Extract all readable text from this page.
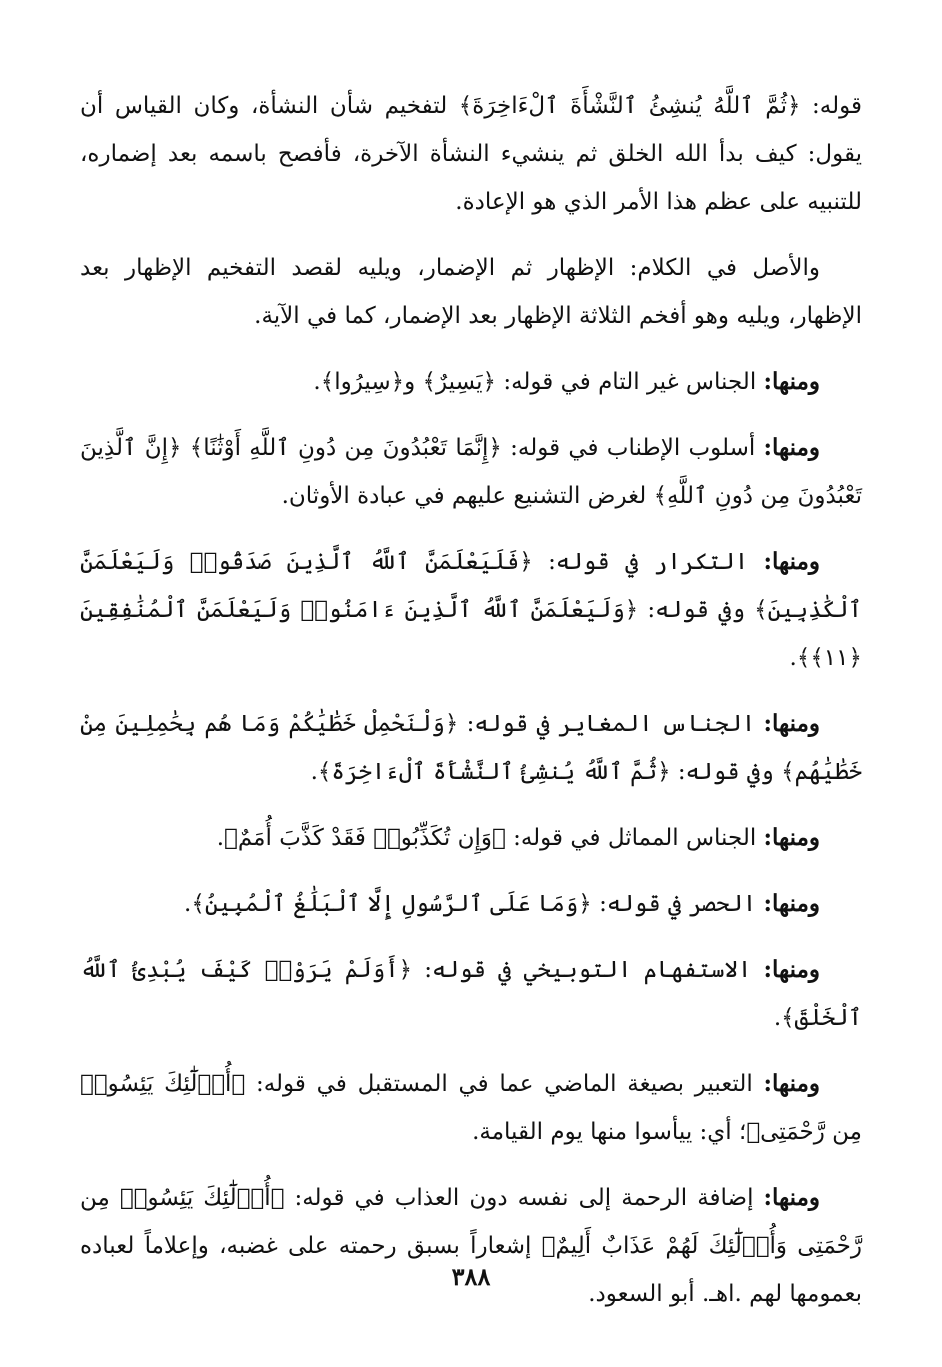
قوله: ﴿ثُمَّ ٱللَّهُ يُنشِئُ ٱلنَّشْأَةَ ٱلْءَاخِرَةَ﴾ لتفخيم شأن النشأة، وكان القياس أن يقول: كيف بدأ الله الخلق ثم ينشيء النشأة الآخرة، فأفصح باسمه بعد إضماره، للتنبيه على عظم هذا الأمر الذي هو الإعادة.

والأصل في الكلام: الإظهار ثم الإضمار، ويليه لقصد التفخيم الإظهار بعد الإظهار، ويليه وهو أفخم الثلاثة الإظهار بعد الإضمار، كما في الآية.

ومنها: الجناس غير التام في قوله: ﴿يَسِيرٌ﴾ و﴿سِيرُوا﴾.

ومنها: أسلوب الإطناب في قوله: ﴿إِنَّمَا تَعْبُدُونَ مِن دُونِ ٱللَّهِ أَوْثَٰنًا﴾ ﴿إِنَّ ٱلَّذِينَ تَعْبُدُونَ مِن دُونِ ٱللَّهِ﴾ لغرض التشنيع عليهم في عبادة الأوثان.

ومنها: التكرار في قوله: ﴿فَلَيَعْلَمَنَّ ٱللَّهُ ٱلَّذِينَ صَدَقُوا۟ وَلَيَعْلَمَنَّ ٱلْكَٰذِبِينَ﴾ وفي قوله: ﴿وَلَيَعْلَمَنَّ ٱللَّهُ ٱلَّذِينَ ءَامَنُوا۟ وَلَيَعْلَمَنَّ ٱلْمُنَٰفِقِينَ ﴿١١﴾﴾.

ومنها: الجناس المغاير في قوله: ﴿وَلْنَحْمِلْ خَطَٰيَٰكُمْ وَمَا هُم بِحَٰمِلِينَ مِنْ خَطَٰيَٰهُم﴾ وفي قوله: ﴿ثُمَّ ٱللَّهُ يُنشِئُ ٱلنَّشْأَةَ ٱلْءَاخِرَةَ﴾.

ومنها: الجناس المماثل في قوله: ﴿وَإِن تُكَذِّبُوا۟ فَقَدْ كَذَّبَ أُمَمٌ﴾.

ومنها: الحصر في قوله: ﴿وَمَا عَلَى ٱلرَّسُولِ إِلَّا ٱلْبَلَٰغُ ٱلْمُبِينُ﴾.

ومنها: الاستفهام التوبيخي في قوله: ﴿أَوَلَمْ يَرَوْا۟ كَيْفَ يُبْدِئُ ٱللَّهُ ٱلْخَلْقَ﴾.

ومنها: التعبير بصيغة الماضي عما في المستقبل في قوله: ﴿أُو۟لَٰٓئِكَ يَئِسُوا۟ مِن رَّحْمَتِى﴾؛ أي: ييأسوا منها يوم القيامة.

ومنها: إضافة الرحمة إلى نفسه دون العذاب في قوله: ﴿أُو۟لَٰٓئِكَ يَئِسُوا۟ مِن رَّحْمَتِى وَأُو۟لَٰٓئِكَ لَهُمْ عَذَابٌ أَلِيمٌ﴾ إشعاراً بسبق رحمته على غضبه، وإعلاماً لعباده بعمومها لهم .اهـ. أبو السعود.

٣٨٨
